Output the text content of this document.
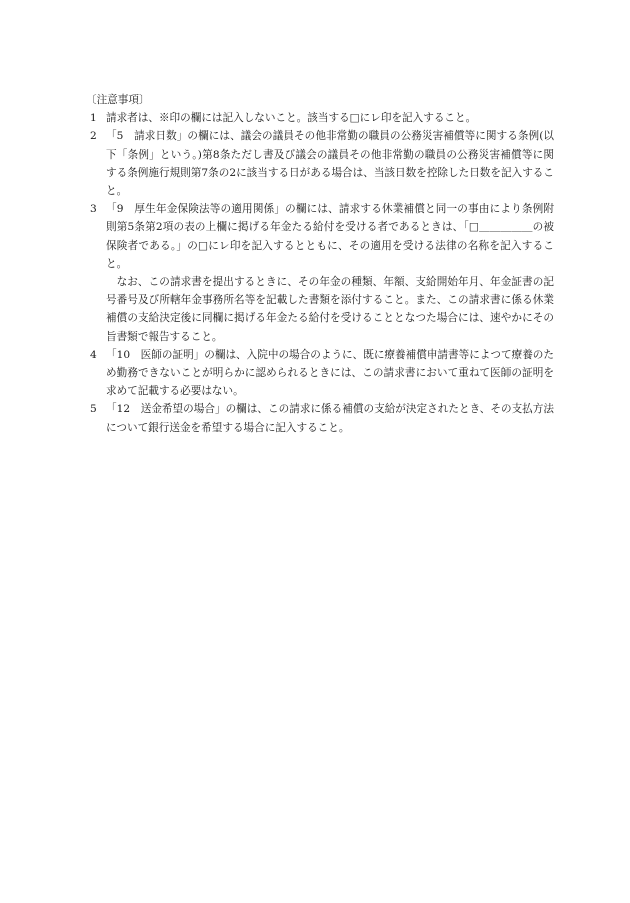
〔注意事項〕
1 請求者は、※印の欄には記入しないこと。該当する□にレ印を記入すること。

2 「5　請求日数」の欄には、議会の議員その他非常勤の職員の公務災害補償等に関する条例(以下「条例」という。)第8条ただし書及び議会の議員その他非常勤の職員の公務災害補償等に関する条例施行規則第7条の2に該当する日がある場合は、当該日数を控除した日数を記入すること。

3 「9　厚生年金保険法等の適用関係」の欄には、請求する休業補償と同一の事由により条例附則第5条第2項の表の上欄に掲げる年金たる給付を受ける者であるときは、「□＿＿＿＿＿の被保険者である。」の□にレ印を記入するとともに、その適用を受ける法律の名称を記入すること。

なお、この請求書を提出するときに、その年金の種類、年額、支給開始年月、年金証書の記号番号及び所轄年金事務所名等を記載した書類を添付すること。また、この請求書に係る休業補償の支給決定後に同欄に掲げる年金たる給付を受けることとなつた場合には、速やかにその旨書類で報告すること。

4 「10　医師の証明」の欄は、入院中の場合のように、既に療養補償申請書等によつて療養のため勤務できないことが明らかに認められるときには、この請求書において重ねて医師の証明を求めて記載する必要はない。

5 「12　送金希望の場合」の欄は、この請求に係る補償の支給が決定されたとき、その支払方法について銀行送金を希望する場合に記入すること。
